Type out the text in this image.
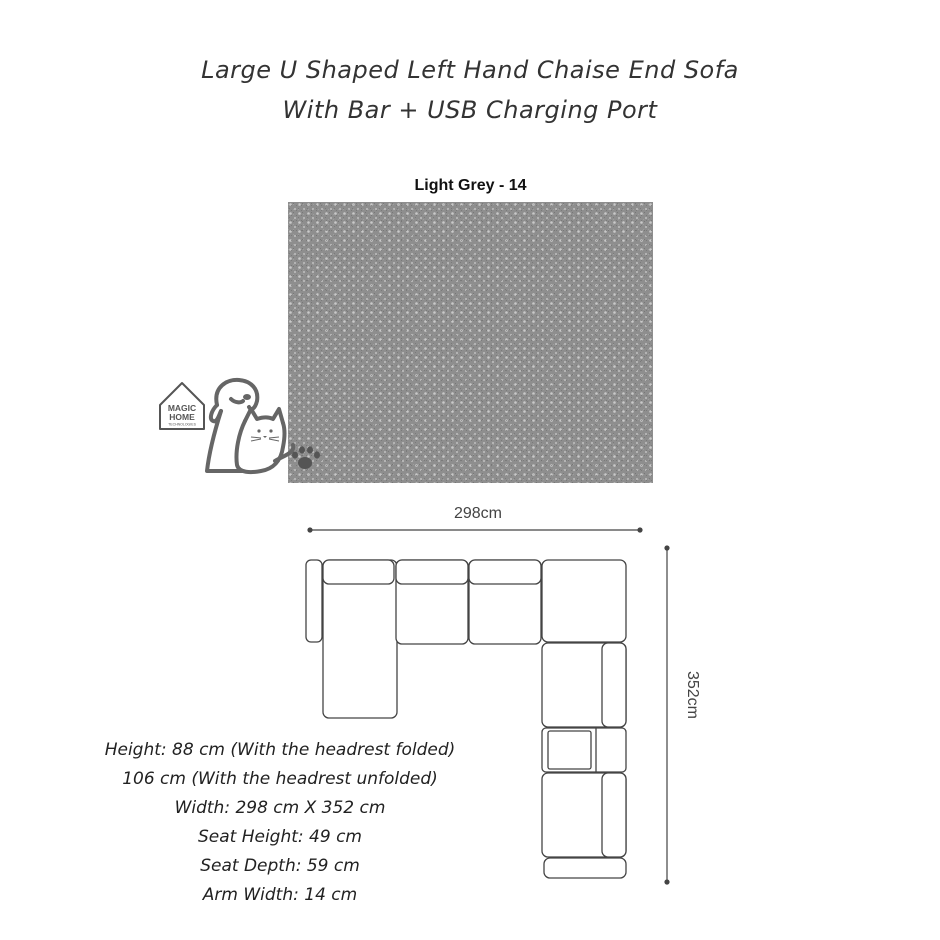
Large U Shaped Left Hand Chaise End Sofa
With Bar + USB Charging Port
Light Grey - 14
MAGIC
HOME
TECHNOLOGIES
298cm
352cm
Height: 88 cm (With the headrest folded)
106 cm (With the headrest unfolded)
Width: 298 cm X 352 cm
Seat Height: 49 cm
Seat Depth: 59 cm
Arm Width: 14 cm
